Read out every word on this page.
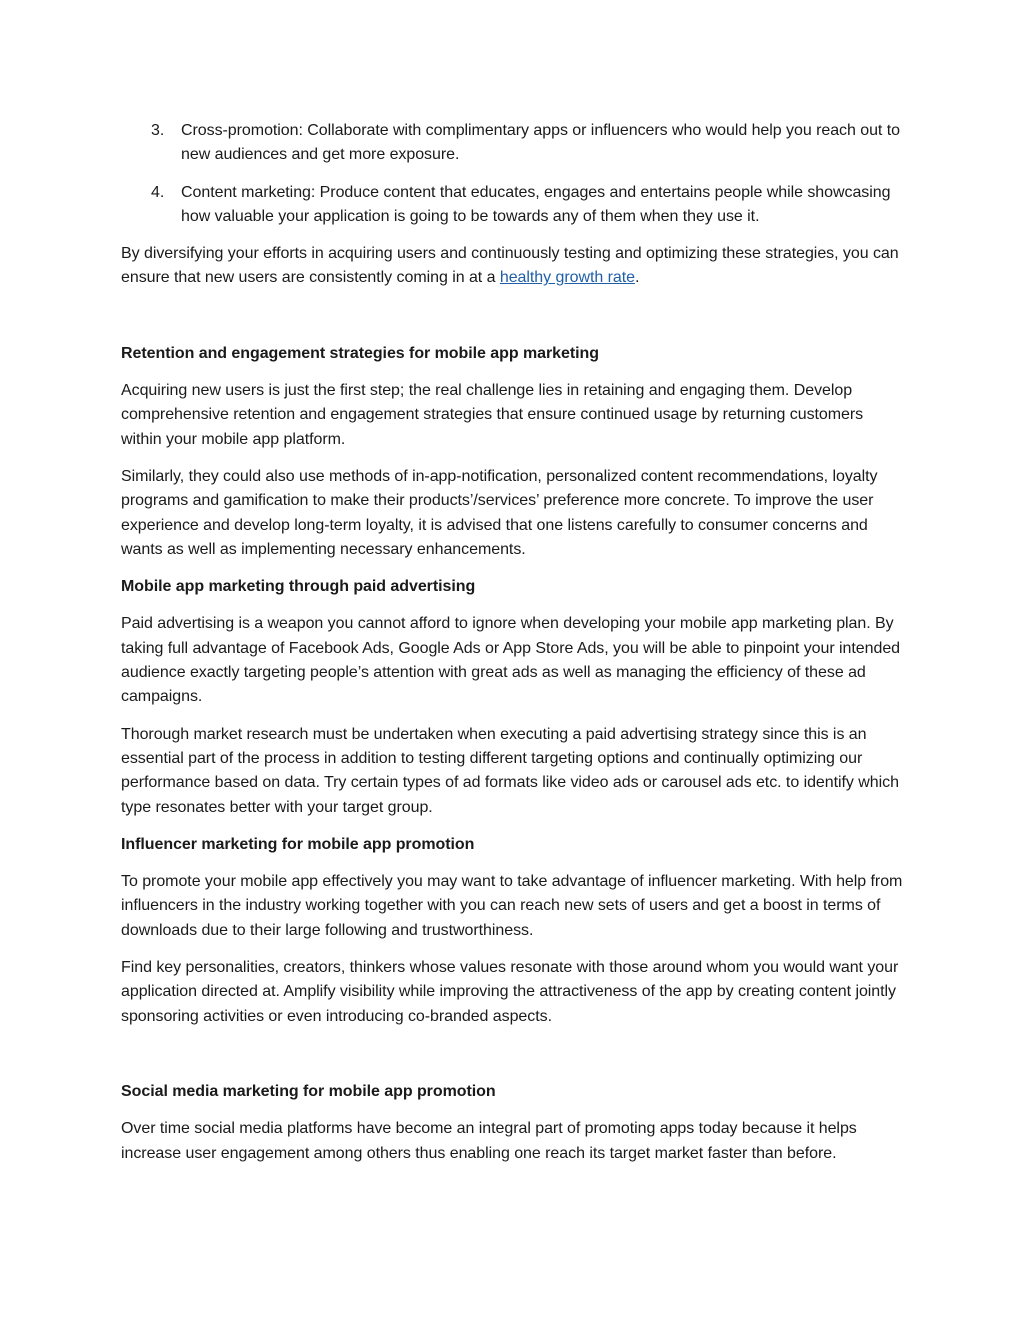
3. Cross-promotion: Collaborate with complimentary apps or influencers who would help you reach out to new audiences and get more exposure.
4. Content marketing: Produce content that educates, engages and entertains people while showcasing how valuable your application is going to be towards any of them when they use it.

By diversifying your efforts in acquiring users and continuously testing and optimizing these strategies, you can ensure that new users are consistently coming in at a healthy growth rate.

Retention and engagement strategies for mobile app marketing

Acquiring new users is just the first step; the real challenge lies in retaining and engaging them. Develop comprehensive retention and engagement strategies that ensure continued usage by returning customers within your mobile app platform.

Similarly, they could also use methods of in-app-notification, personalized content recommendations, loyalty programs and gamification to make their products’/services’ preference more concrete. To improve the user experience and develop long-term loyalty, it is advised that one listens carefully to consumer concerns and wants as well as implementing necessary enhancements.

Mobile app marketing through paid advertising

Paid advertising is a weapon you cannot afford to ignore when developing your mobile app marketing plan. By taking full advantage of Facebook Ads, Google Ads or App Store Ads, you will be able to pinpoint your intended audience exactly targeting people’s attention with great ads as well as managing the efficiency of these ad campaigns.

Thorough market research must be undertaken when executing a paid advertising strategy since this is an essential part of the process in addition to testing different targeting options and continually optimizing our performance based on data. Try certain types of ad formats like video ads or carousel ads etc. to identify which type resonates better with your target group.

Influencer marketing for mobile app promotion

To promote your mobile app effectively you may want to take advantage of influencer marketing. With help from influencers in the industry working together with you can reach new sets of users and get a boost in terms of downloads due to their large following and trustworthiness.

Find key personalities, creators, thinkers whose values resonate with those around whom you would want your application directed at. Amplify visibility while improving the attractiveness of the app by creating content jointly sponsoring activities or even introducing co-branded aspects.

Social media marketing for mobile app promotion

Over time social media platforms have become an integral part of promoting apps today because it helps increase user engagement among others thus enabling one reach its target market faster than before.
